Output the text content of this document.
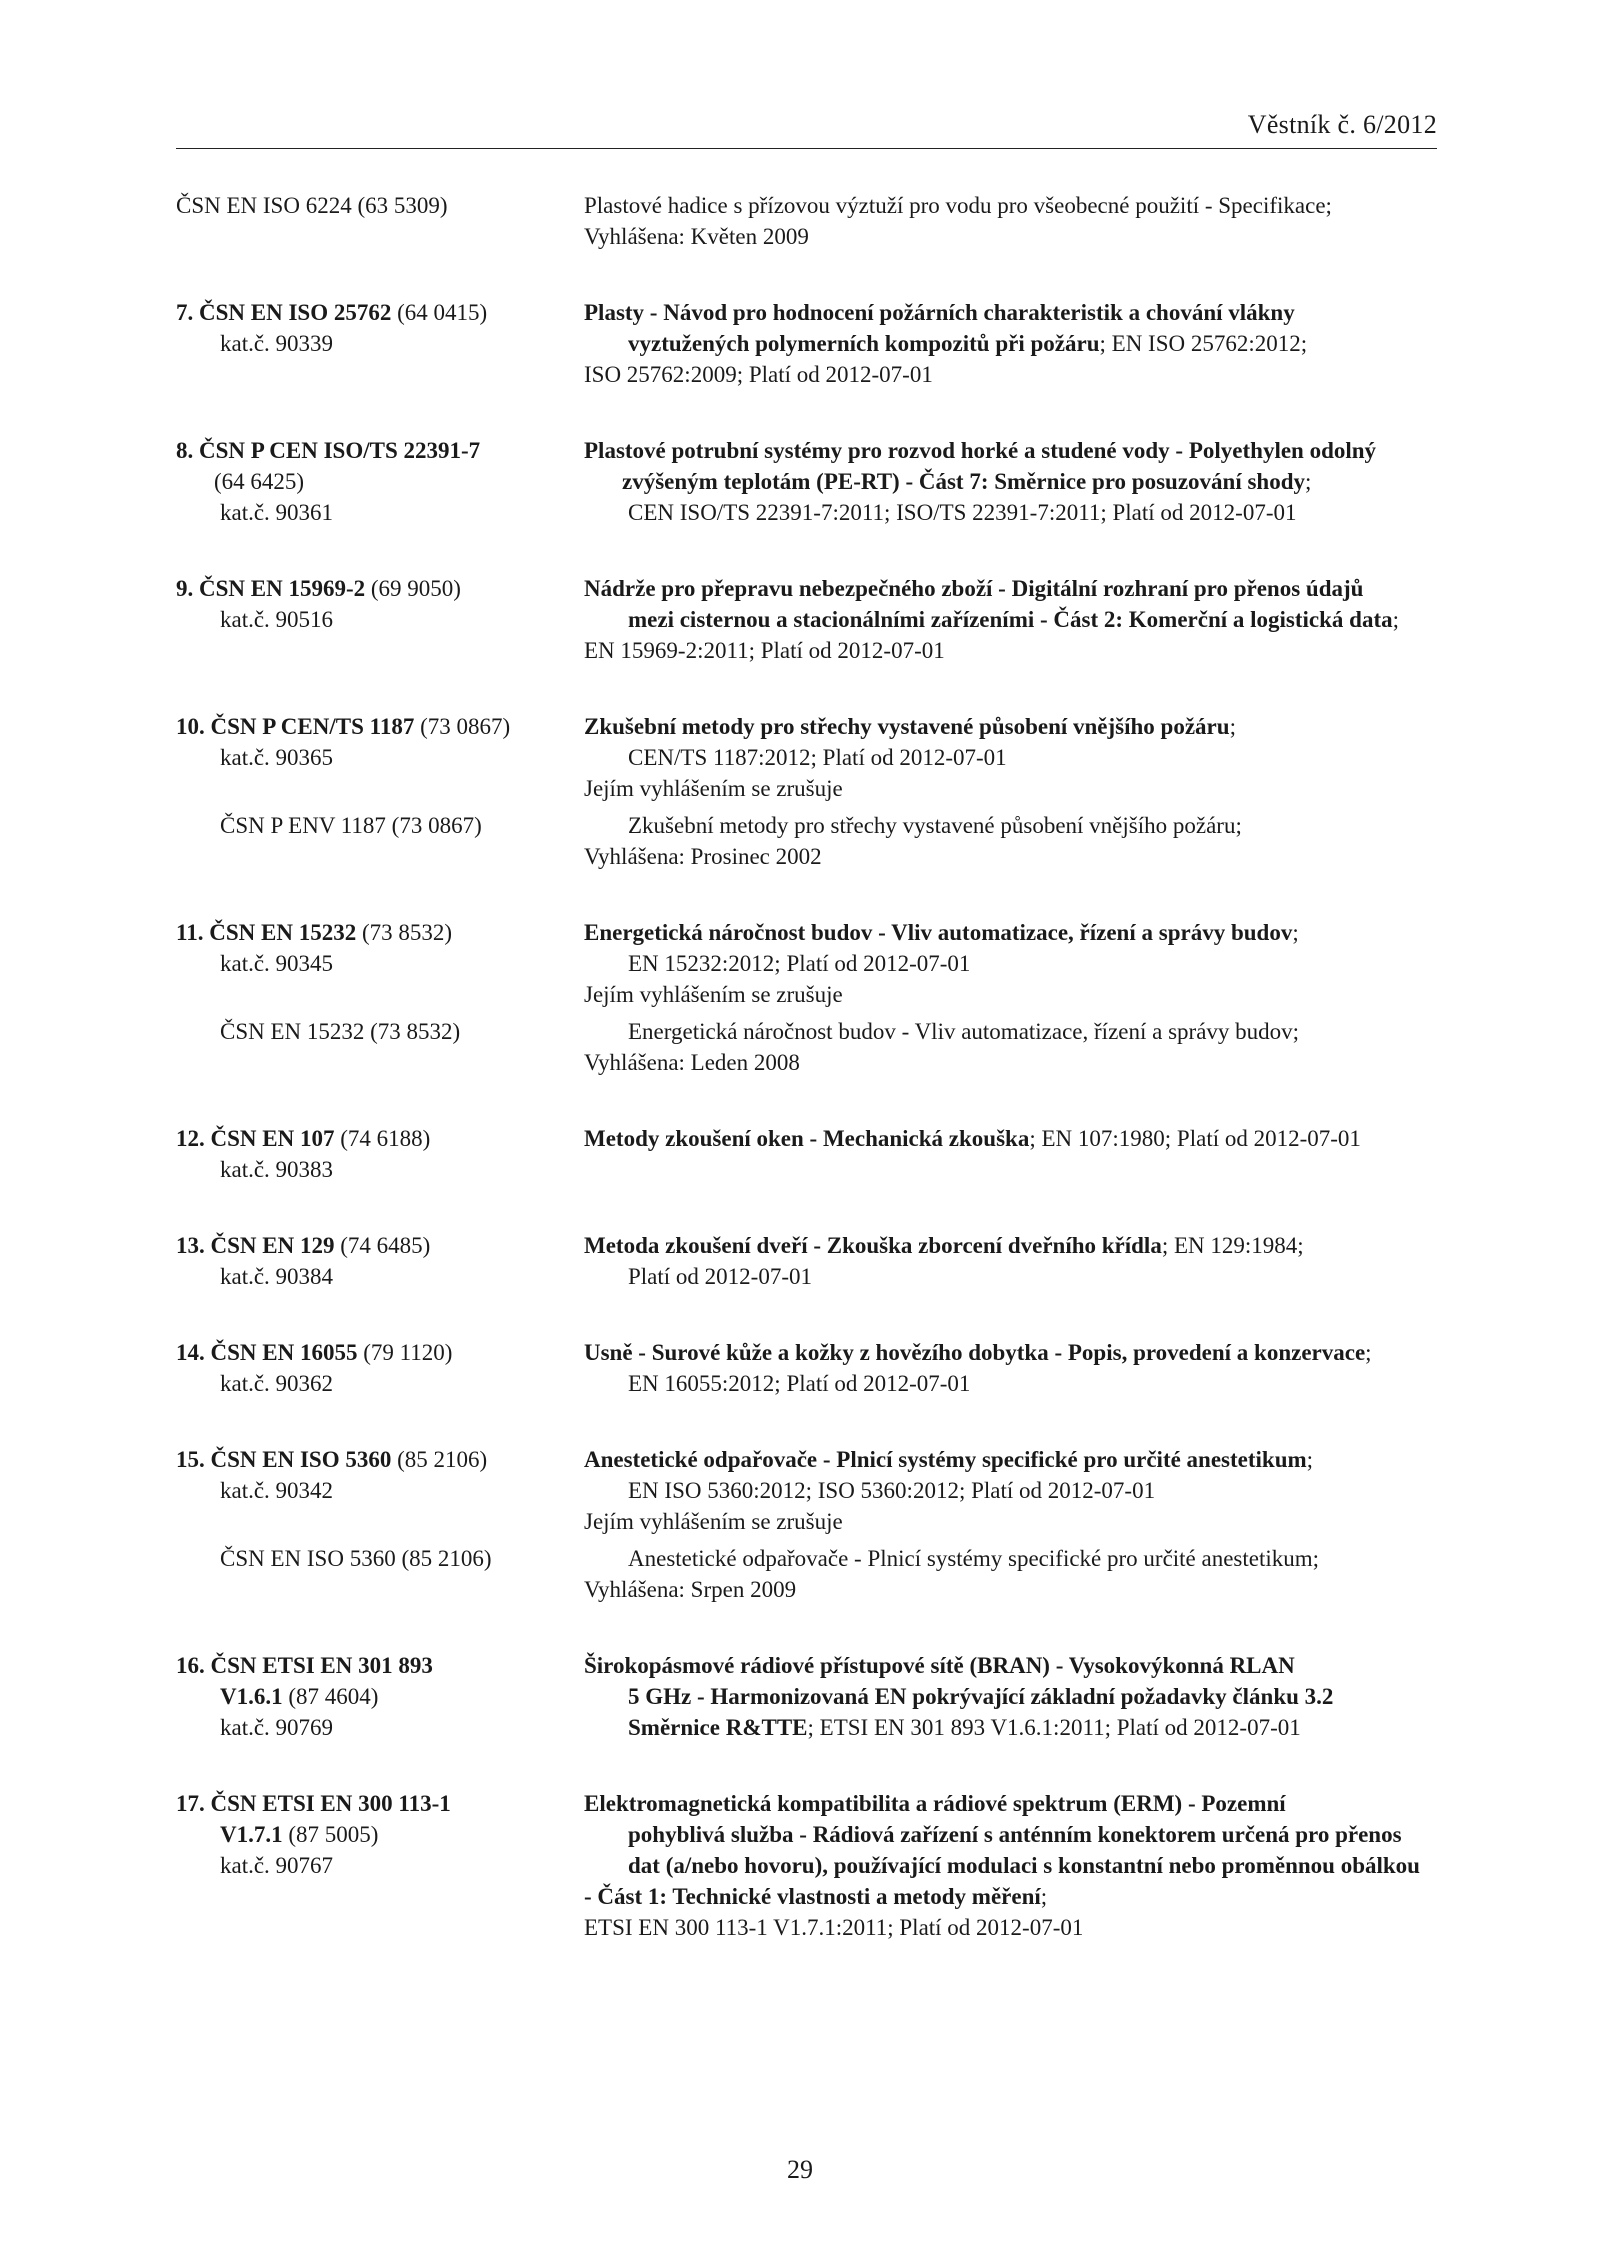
Věstník č. 6/2012
ČSN EN ISO 6224 (63 5309)	Plastové hadice s přízovou výztuží pro vodu pro všeobecné použití - Specifikace;
Vyhlášena: Květen 2009
7. ČSN EN ISO 25762 (64 0415)	Plasty - Návod pro hodnocení požárních charakteristik a chování vlákny
kat.č. 90339	vyztužených polymerních kompozitů při požáru; EN ISO 25762:2012;
ISO 25762:2009; Platí od 2012-07-01
8. ČSN P CEN ISO/TS 22391-7	Plastové potrubní systémy pro rozvod horké a studené vody - Polyethylen odolný
(64 6425)	zvýšeným teplotám (PE-RT) - Část 7: Směrnice pro posuzování shody;
kat.č. 90361	CEN ISO/TS 22391-7:2011; ISO/TS 22391-7:2011; Platí od 2012-07-01
9. ČSN EN 15969-2 (69 9050)	Nádrže pro přepravu nebezpečného zboží - Digitální rozhraní pro přenos údajů
kat.č. 90516	mezi cisternou a stacionálními zařízeními - Část 2: Komerční a logistická data;
EN 15969-2:2011; Platí od 2012-07-01
10. ČSN P CEN/TS 1187 (73 0867)	Zkušební metody pro střechy vystavené působení vnějšího požáru;
kat.č. 90365	CEN/TS 1187:2012; Platí od 2012-07-01
Jejím vyhlášením se zrušuje
ČSN P ENV 1187 (73 0867)	Zkušební metody pro střechy vystavené působení vnějšího požáru;
Vyhlášena: Prosinec 2002
11. ČSN EN 15232 (73 8532)	Energetická náročnost budov - Vliv automatizace, řízení a správy budov;
kat.č. 90345	EN 15232:2012; Platí od 2012-07-01
Jejím vyhlášením se zrušuje
ČSN EN 15232 (73 8532)	Energetická náročnost budov - Vliv automatizace, řízení a správy budov;
Vyhlášena: Leden 2008
12. ČSN EN 107 (74 6188)	Metody zkoušení oken - Mechanická zkouška; EN 107:1980; Platí od 2012-07-01
kat.č. 90383
13. ČSN EN 129 (74 6485)	Metoda zkoušení dveří - Zkouška zborcení dveřního křídla; EN 129:1984;
kat.č. 90384	Platí od 2012-07-01
14. ČSN EN 16055 (79 1120)	Usně - Surové kůže a kožky z hovězího dobytka - Popis, provedení a konzervace;
kat.č. 90362	EN 16055:2012; Platí od 2012-07-01
15. ČSN EN ISO 5360 (85 2106)	Anestetické odpařovače - Plnicí systémy specifické pro určité anestetikum;
kat.č. 90342	EN ISO 5360:2012; ISO 5360:2012; Platí od 2012-07-01
Jejím vyhlášením se zrušuje
ČSN EN ISO 5360 (85 2106)	Anestetické odpařovače - Plnicí systémy specifické pro určité anestetikum;
Vyhlášena: Srpen 2009
16. ČSN ETSI EN 301 893	Širokopásmové rádiové přístupové sítě (BRAN) - Vysokovýkonná RLAN
V1.6.1 (87 4604)	5 GHz - Harmonizovaná EN pokrývající základní požadavky článku 3.2
kat.č. 90769	Směrnice R&TTE; ETSI EN 301 893 V1.6.1:2011; Platí od 2012-07-01
17. ČSN ETSI EN 300 113-1	Elektromagnetická kompatibilita a rádiové spektrum (ERM) - Pozemní
V1.7.1 (87 5005)	pohyblivá služba - Rádiová zařízení s anténním konektorem určená pro přenos
kat.č. 90767	dat (a/nebo hovoru), používající modulaci s konstantní nebo proměnnou obálkou
- Část 1: Technické vlastnosti a metody měření;
ETSI EN 300 113-1 V1.7.1:2011; Platí od 2012-07-01
29
